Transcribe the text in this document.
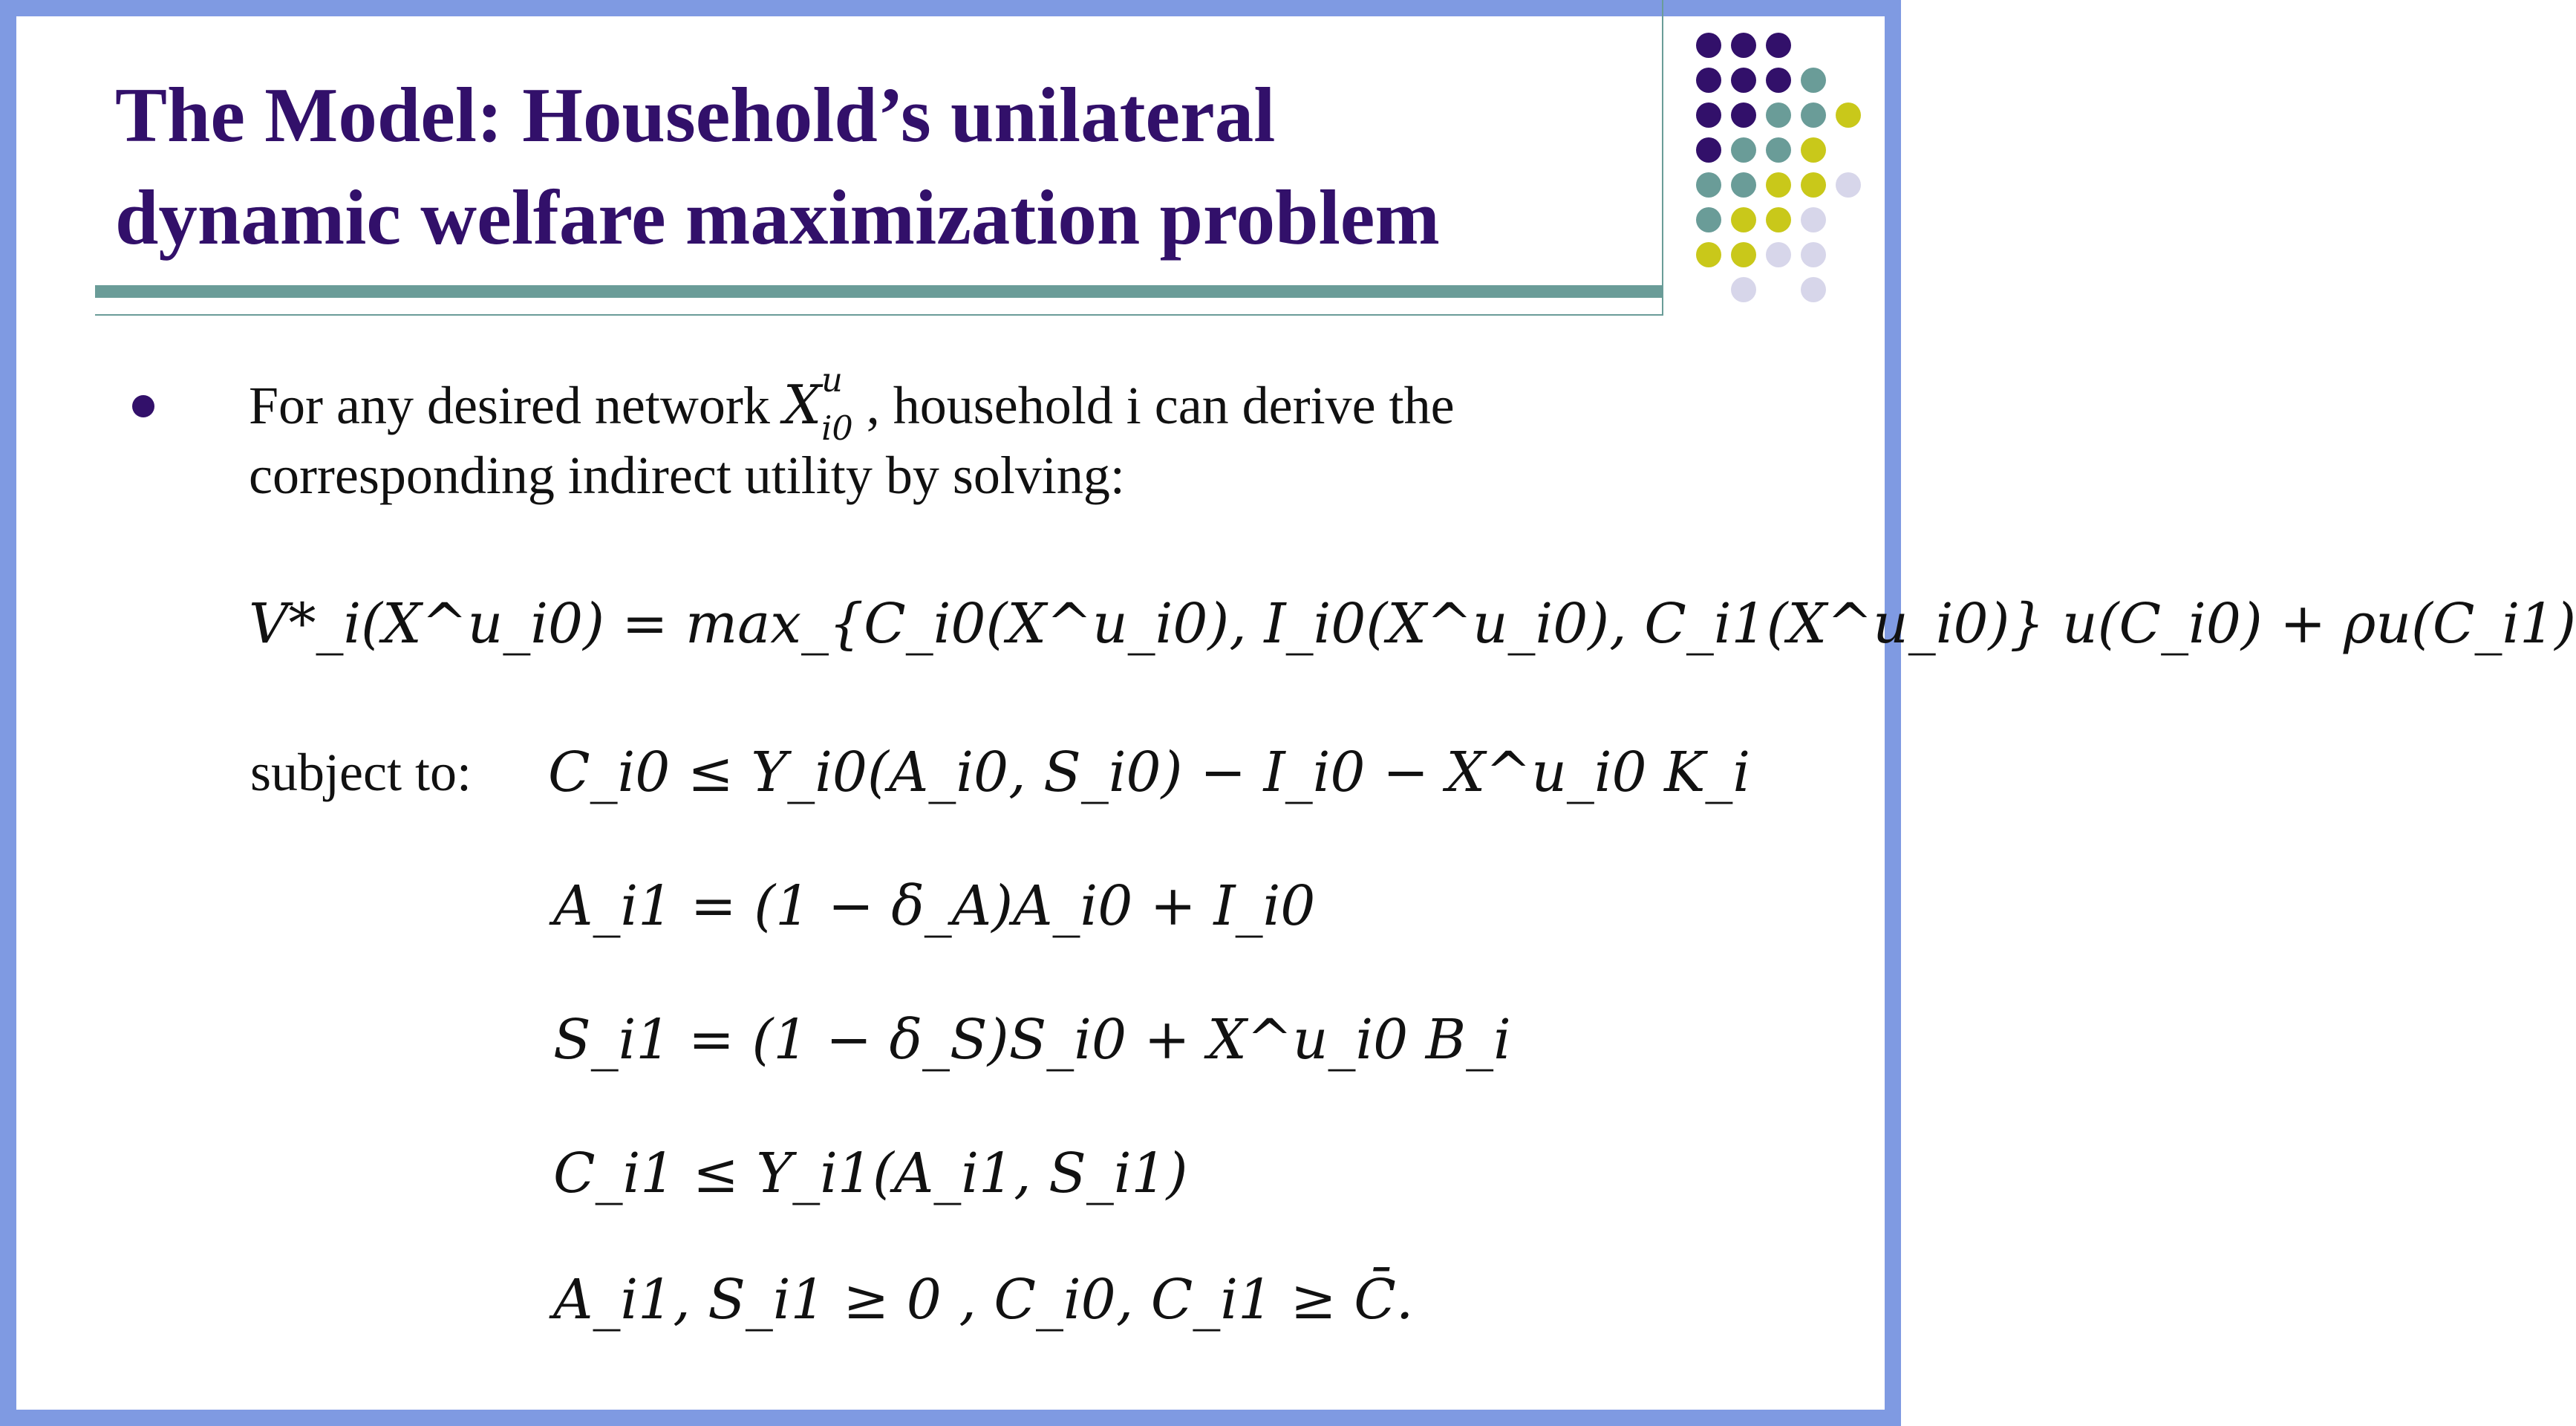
The Model: Household’s unilateral
dynamic welfare maximization problem
For any desired network X u
$_{i0}$ , household i can derive the
corresponding indirect utility by solving:
V*_i(X^u_i0) = max_{C_i0(X^u_i0), I_i0(X^u_i0), C_i1(X^u_i0)} u(C_i0) + ρu(C_i1)
subject to: C_i0 ≤ Y_i0(A_i0, S_i0) − I_i0 − X^u_i0 K_i
A_i1 = (1 − δ_A)A_i0 + I_i0
S_i1 = (1 − δ_S)S_i0 + X^u_i0 B_i
C_i1 ≤ Y_i1(A_i1, S_i1)
A_i1, S_i1 ≥ 0 , C_i0, C_i1 ≥ C̄.
